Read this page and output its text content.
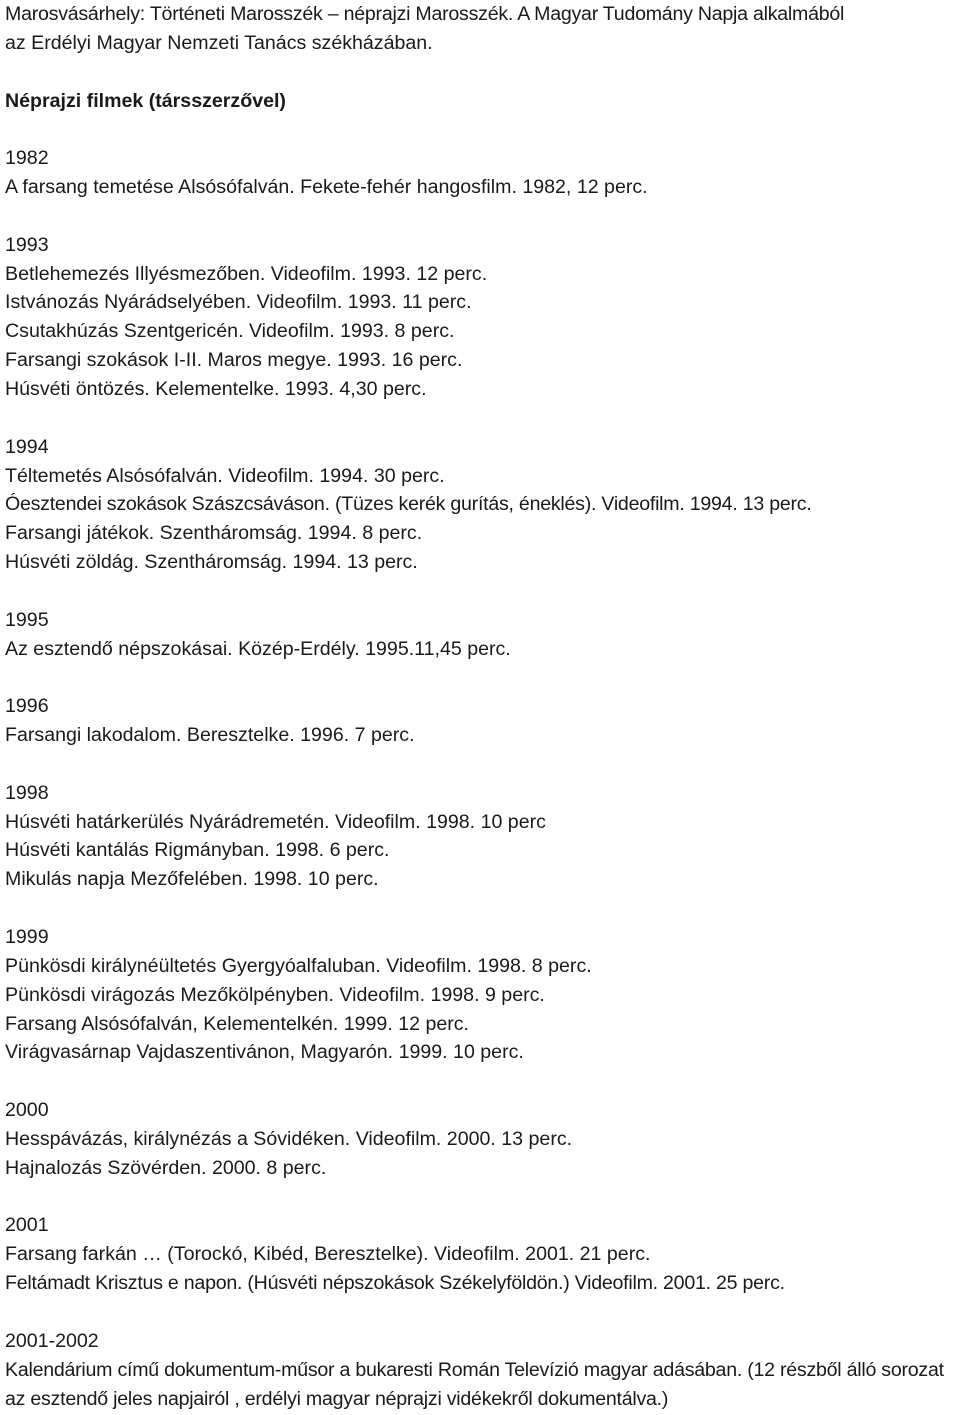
Marosvásárhely: Történeti Marosszék – néprajzi Marosszék. A Magyar Tudomány Napja alkalmából
az Erdélyi Magyar Nemzeti Tanács székházában.
Néprajzi filmek (társszerzővel)
1982
A farsang temetése Alsósófalván. Fekete-fehér hangosfilm. 1982, 12 perc.
1993
Betlehemezés Illyésmezőben. Videofilm. 1993. 12 perc.
Istvánozás Nyárádselyében. Videofilm. 1993. 11 perc.
Csutakhúzás Szentgericén. Videofilm. 1993. 8 perc.
Farsangi szokások I-II. Maros megye. 1993. 16 perc.
Húsvéti öntözés. Kelementelke. 1993. 4,30 perc.
1994
Téltemetés Alsósófalván. Videofilm. 1994. 30 perc.
Óesztendei szokások Szászcsáváson. (Tüzes kerék gurítás, éneklés). Videofilm. 1994. 13 perc.
Farsangi játékok. Szentháromság. 1994. 8 perc.
Húsvéti zöldág. Szentháromság. 1994. 13 perc.
1995
Az esztendő népszokásai. Közép-Erdély. 1995.11,45 perc.
1996
Farsangi lakodalom. Beresztelke. 1996. 7 perc.
1998
Húsvéti határkerülés Nyárádremetén. Videofilm. 1998. 10 perc
Húsvéti kantálás Rigmányban. 1998. 6 perc.
Mikulás napja Mezőfelében. 1998. 10 perc.
1999
Pünkösdi királynéültetés Gyergyóalfaluban. Videofilm. 1998. 8 perc.
Pünkösdi virágozás Mezőkölpényben. Videofilm. 1998. 9 perc.
Farsang Alsósófalván, Kelementelkén. 1999. 12 perc.
Virágvasárnap Vajdaszentivánon, Magyarón. 1999. 10 perc.
2000
Hesspávázás, királynézás a Sóvidéken. Videofilm. 2000. 13 perc.
Hajnalozás Szövérden. 2000. 8 perc.
2001
Farsang farkán … (Torockó, Kibéd, Beresztelke). Videofilm. 2001. 21 perc.
Feltámadt Krisztus e napon. (Húsvéti népszokások Székelyföldön.) Videofilm. 2001. 25 perc.
2001-2002
Kalendárium című dokumentum-műsor a bukaresti Román Televízió magyar adásában. (12 részből álló sorozat az esztendő jeles napjairól , erdélyi magyar néprajzi vidékekről dokumentálva.)
